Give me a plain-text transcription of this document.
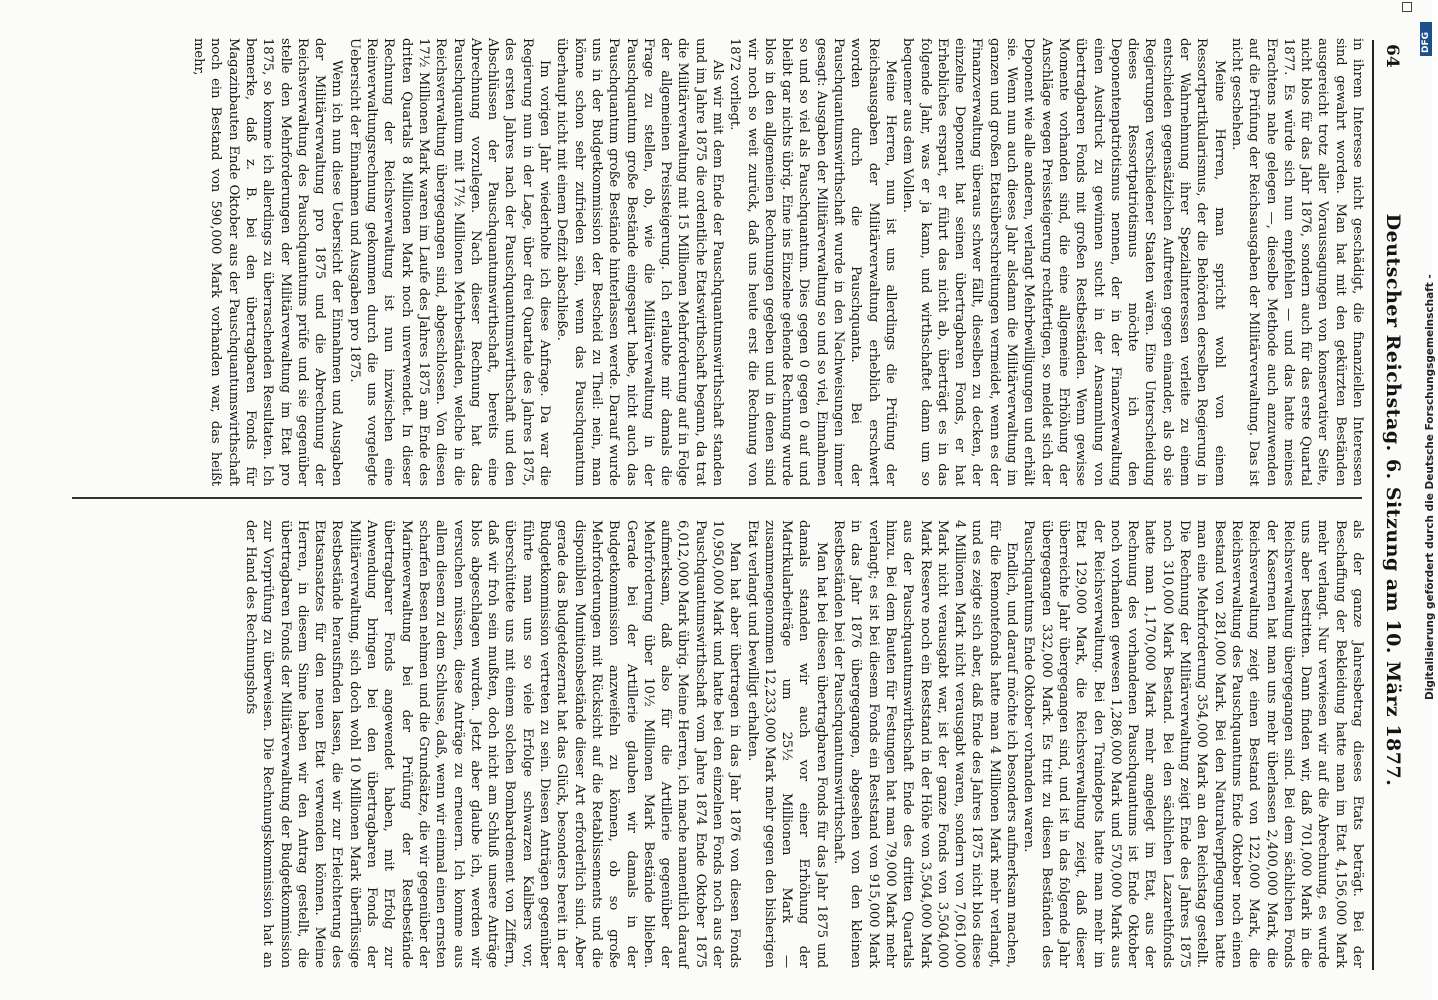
64
Deutscher Reichstag. 6. Sitzung am 10. März 1877.

in ihrem Interesse nicht geschädigt, die finanziellen Interessen sind gewahrt worden. Man hat mit den gekürzten Beständen ausgereicht trotz aller Voraussagungen von konservativer Seite, nicht blos für das Jahr 1876, sondern auch für das erste Quartal 1877. Es würde sich nun empfehlen — und das hatte meines Erachtens nahe gelegen —, dieselbe Methode auch anzuwenden auf die Prüfung der Reichsausgaben der Militärverwaltung. Das ist nicht geschehen.

Meine Herren, man spricht wohl von einem Ressortpartikularismus, der die Behörden derselben Regierung in der Wahrnehmung ihrer Spezialinteressen verleite zu einem entschieden gegensätzlichen Auftreten gegen einander, als ob sie Regierungen verschiedener Staaten wären. Eine Unterscheidung dieses Ressortpatriotismus möchte ich den Deponentenpatriotismus nennen, der in der Finanzverwaltung einen Ausdruck zu gewinnen sucht in der Ansammlung von übertragbaren Fonds mit großen Restbeständen. Wenn gewisse Momente vorhanden sind, die eine allgemeine Erhöhung der Anschläge wegen Preissteigerung rechtfertigen, so meldet sich der Deponent wie alle anderen, verlangt Mehrbewilligungen und erhält sie. Wenn nun auch dieses Jahr alsdann die Militärverwaltung im ganzen und großen Etatsüberschreitungen vermeidet, wenn es der Finanzverwaltung überaus schwer fällt, dieselben zu decken, der einzelne Deponent hat seinen übertragbaren Fonds, er hat Erhebliches erspart, er führt das nicht ab, überträgt es in das folgende Jahr, was er ja kann, und wirthschaftet dann um so bequemer aus dem Vollen.

Meine Herren, nun ist uns allerdings die Prüfung der Reichsausgaben der Militärverwaltung erheblich erschwert worden durch die Pauschquanta. Bei der Pauschquantumswirthschaft wurde in den Nachweisungen immer gesagt: Ausgaben der Militärverwaltung so und so viel, Einnahmen so und so viel als Pauschquantum. Dies gegen 0 gegen 0 auf und bleibt gar nichts übrig. Eine ins Einzelne gehende Rechnung wurde blos in den allgemeinen Rechnungen gegeben und in denen sind wir noch so weit zurück, daß uns heute erst die Rechnung von 1872 vorliegt.

Als wir mit dem Ende der Pauschquantumswirthschaft standen und im Jahre 1875 die ordentliche Etatswirthschaft begann, da trat die Militärverwaltung mit 15 Millionen Mehrforderung auf in Folge der allgemeinen Preissteigerung. Ich erlaubte mir damals die Frage zu stellen, ob, wie die Militärverwaltung in der Pauschquantum große Bestände eingespart habe, nicht auch das Pauschquantum große Bestände hinterlassen werde. Darauf wurde uns in der Budgetkommission der Bescheid zu Theil: nein, man könne schon sehr zufrieden sein, wenn das Pauschquantum überhaupt nicht mit einem Defizit abschließe.

Im vorigen Jahr wiederholte ich diese Anfrage. Da war die Regierung nun in der Lage, über drei Quartale des Jahres 1875, des ersten Jahres nach der Pauschquantumswirthschaft und den Abschlüssen der Pauschquantumswirthschaft, bereits eine Abrechnung vorzulegen. Nach dieser Rechnung hat das Pauschquantum mit 17½ Millionen Mehrbeständen, welche in die Reichsverwaltung übergegangen sind, abgeschlossen. Von diesen 17½ Millionen Mark waren im Laufe des Jahres 1875 am Ende des dritten Quartals 8 Millionen Mark noch unverwendet. In dieser Rechnung der Reichsverwaltung ist nun inzwischen eine Reinverwaltungsrechnung gekommen durch die uns vorgelegte Uebersicht der Einnahmen und Ausgaben pro 1875.

Wenn ich nun diese Uebersicht der Einnahmen und Ausgaben der Militärverwaltung pro 1875 und die Abrechnung der Reichsverwaltung des Pauschquantums prüfe und sie gegenüber stelle den Mehrforderungen der Militärverwaltung im Etat pro 1875, so komme ich allerdings zu überraschenden Resultaten. Ich bemerke, daß z. B. bei den übertragbaren Fonds für Magazinbauten Ende Oktober aus der Pauschquantumswirthschaft noch ein Bestand von 590,000 Mark vorhanden war, das heißt mehr,

als der ganze Jahresbetrag dieses Etats beträgt. Bei der Beschaffung der Bekleidung hatte man im Etat 4,156,000 Mark mehr verlangt. Nur verwiesen wir auf die Abrechnung, es wurde uns aber bestritten. Dann finden wir, daß 701,000 Mark in die Reichsverwaltung übergegangen sind. Bei dem sächlichen Fonds der Kasernen hat man uns mehr überlassen 2,400,000 Mark, die Reichsverwaltung zeigt einen Bestand von 122,000 Mark, die Reichsverwaltung des Pauschquantums Ende Oktober noch einen Bestand von 281,000 Mark. Bei den Naturalverpflegungen hatte man eine Mehrforderung 354,000 Mark an den Reichstag gestellt. Die Rechnung der Militärverwaltung zeigt Ende des Jahres 1875 noch 310,000 Mark Bestand. Bei den sächlichen Lazarethfonds hatte man 1,170,000 Mark mehr angelegt im Etat, aus der Rechnung des vorhandenen Pauschquantums ist Ende Oktober noch vorhanden gewesen 1,286,000 Mark und 570,000 Mark aus der Reichsverwaltung. Bei den Traindepots hatte man mehr im Etat 129,000 Mark, die Reichsverwaltung zeigt, daß dieser überreichte Jahr übergegangen sind, und ist in das folgende Jahr übergegangen 332,000 Mark. Es tritt zu diesen Beständen des Pauschquantums Ende Oktober vorhanden waren.

Endlich, und darauf möchte ich besonders aufmerksam machen, für die Remontefonds hatte man 4 Millionen Mark mehr verlangt, und es zeigte sich aber, daß Ende des Jahres 1875 nicht blos diese 4 Millionen Mark nicht verausgabt waren, sondern von 7,061,000 Mark nicht verausgabt war, ist der ganze Fonds von 3,504,000 Mark Reserve noch ein Reststand in der Höhe von 3,504,000 Mark aus der Pauschquantumswirthschaft Ende des dritten Quartals hinzu. Bei dem Bauten für Festungen hat man 79,000 Mark mehr verlangt; es ist bei diesem Fonds ein Reststand von 915,000 Mark in das Jahr 1876 übergegangen, abgesehen von den kleinen Restbeständen bei der Pauschquantumswirthschaft.

Man hat bei diesen übertragbaren Fonds für das Jahr 1875 und damals standen wir auch vor einer Erhöhung der Matrikularbeiträge um 25½ Millionen Mark — zusammengenommen 12,233,000 Mark mehr gegen den bisherigen Etat verlangt und bewilligt erhalten.

Man hat aber übertragen in das Jahr 1876 von diesen Fonds 10,950,000 Mark und hatte bei den einzelnen Fonds noch aus der Pauschquantumswirthschaft vom Jahre 1874 Ende Oktober 1875 6,012,000 Mark übrig. Meine Herren, ich mache namentlich darauf aufmerksam, daß also für die Artillerie gegenüber der Mehrforderung über 10½ Millionen Mark Bestände blieben. Gerade bei der Artillerie glauben wir damals in der Budgetkommission anzweifeln zu können, ob so große Mehrforderungen mit Rücksicht auf die Retablissements und die disponiblen Munitionsbestände dieser Art erforderlich sind. Aber gerade das Budgetdezernat hat das Glück, besonders bereit in der Budgetkommission vertreten zu sein. Diesen Anträgen gegenüber führte man uns so viele Erfolge schwarzen Kalibers vor, überschüttete uns mit einem solchen Bombardement von Ziffern, daß wir froh sein mußten, doch nicht am Schluß unsere Anträge blos abgeschlagen wurden. Jetzt aber glaube ich, werden wir versuchen müssen, diese Anträge zu erneuern. Ich komme aus allem diesem zu dem Schlusse, daß, wenn wir einmal einen ernsten scharfen Besen nehmen und die Grundsätze, die wir gegenüber der Marineverwaltung bei der Prüfung der Restbestände übertragbarer Fonds angewendet haben, mit Erfolg zur Anwendung bringen bei den übertragbaren Fonds der Militärverwaltung, sich doch wohl 10 Millionen Mark überflüssige Restbestände herausfinden lassen, die wir zur Erleichterung des Etatsansatzes für den neuen Etat verwenden können. Meine Herren, in diesem Sinne haben wir den Antrag gestellt, die übertragbaren Fonds der Militärverwaltung der Budgetkommission zur Vorprüfung zu überweisen. Die Rechnungskommission hat an der Hand des Rechnungshofs	Digitalisierung gefördert durch die Deutsche Forschungsgemeinschaft -
DFG
